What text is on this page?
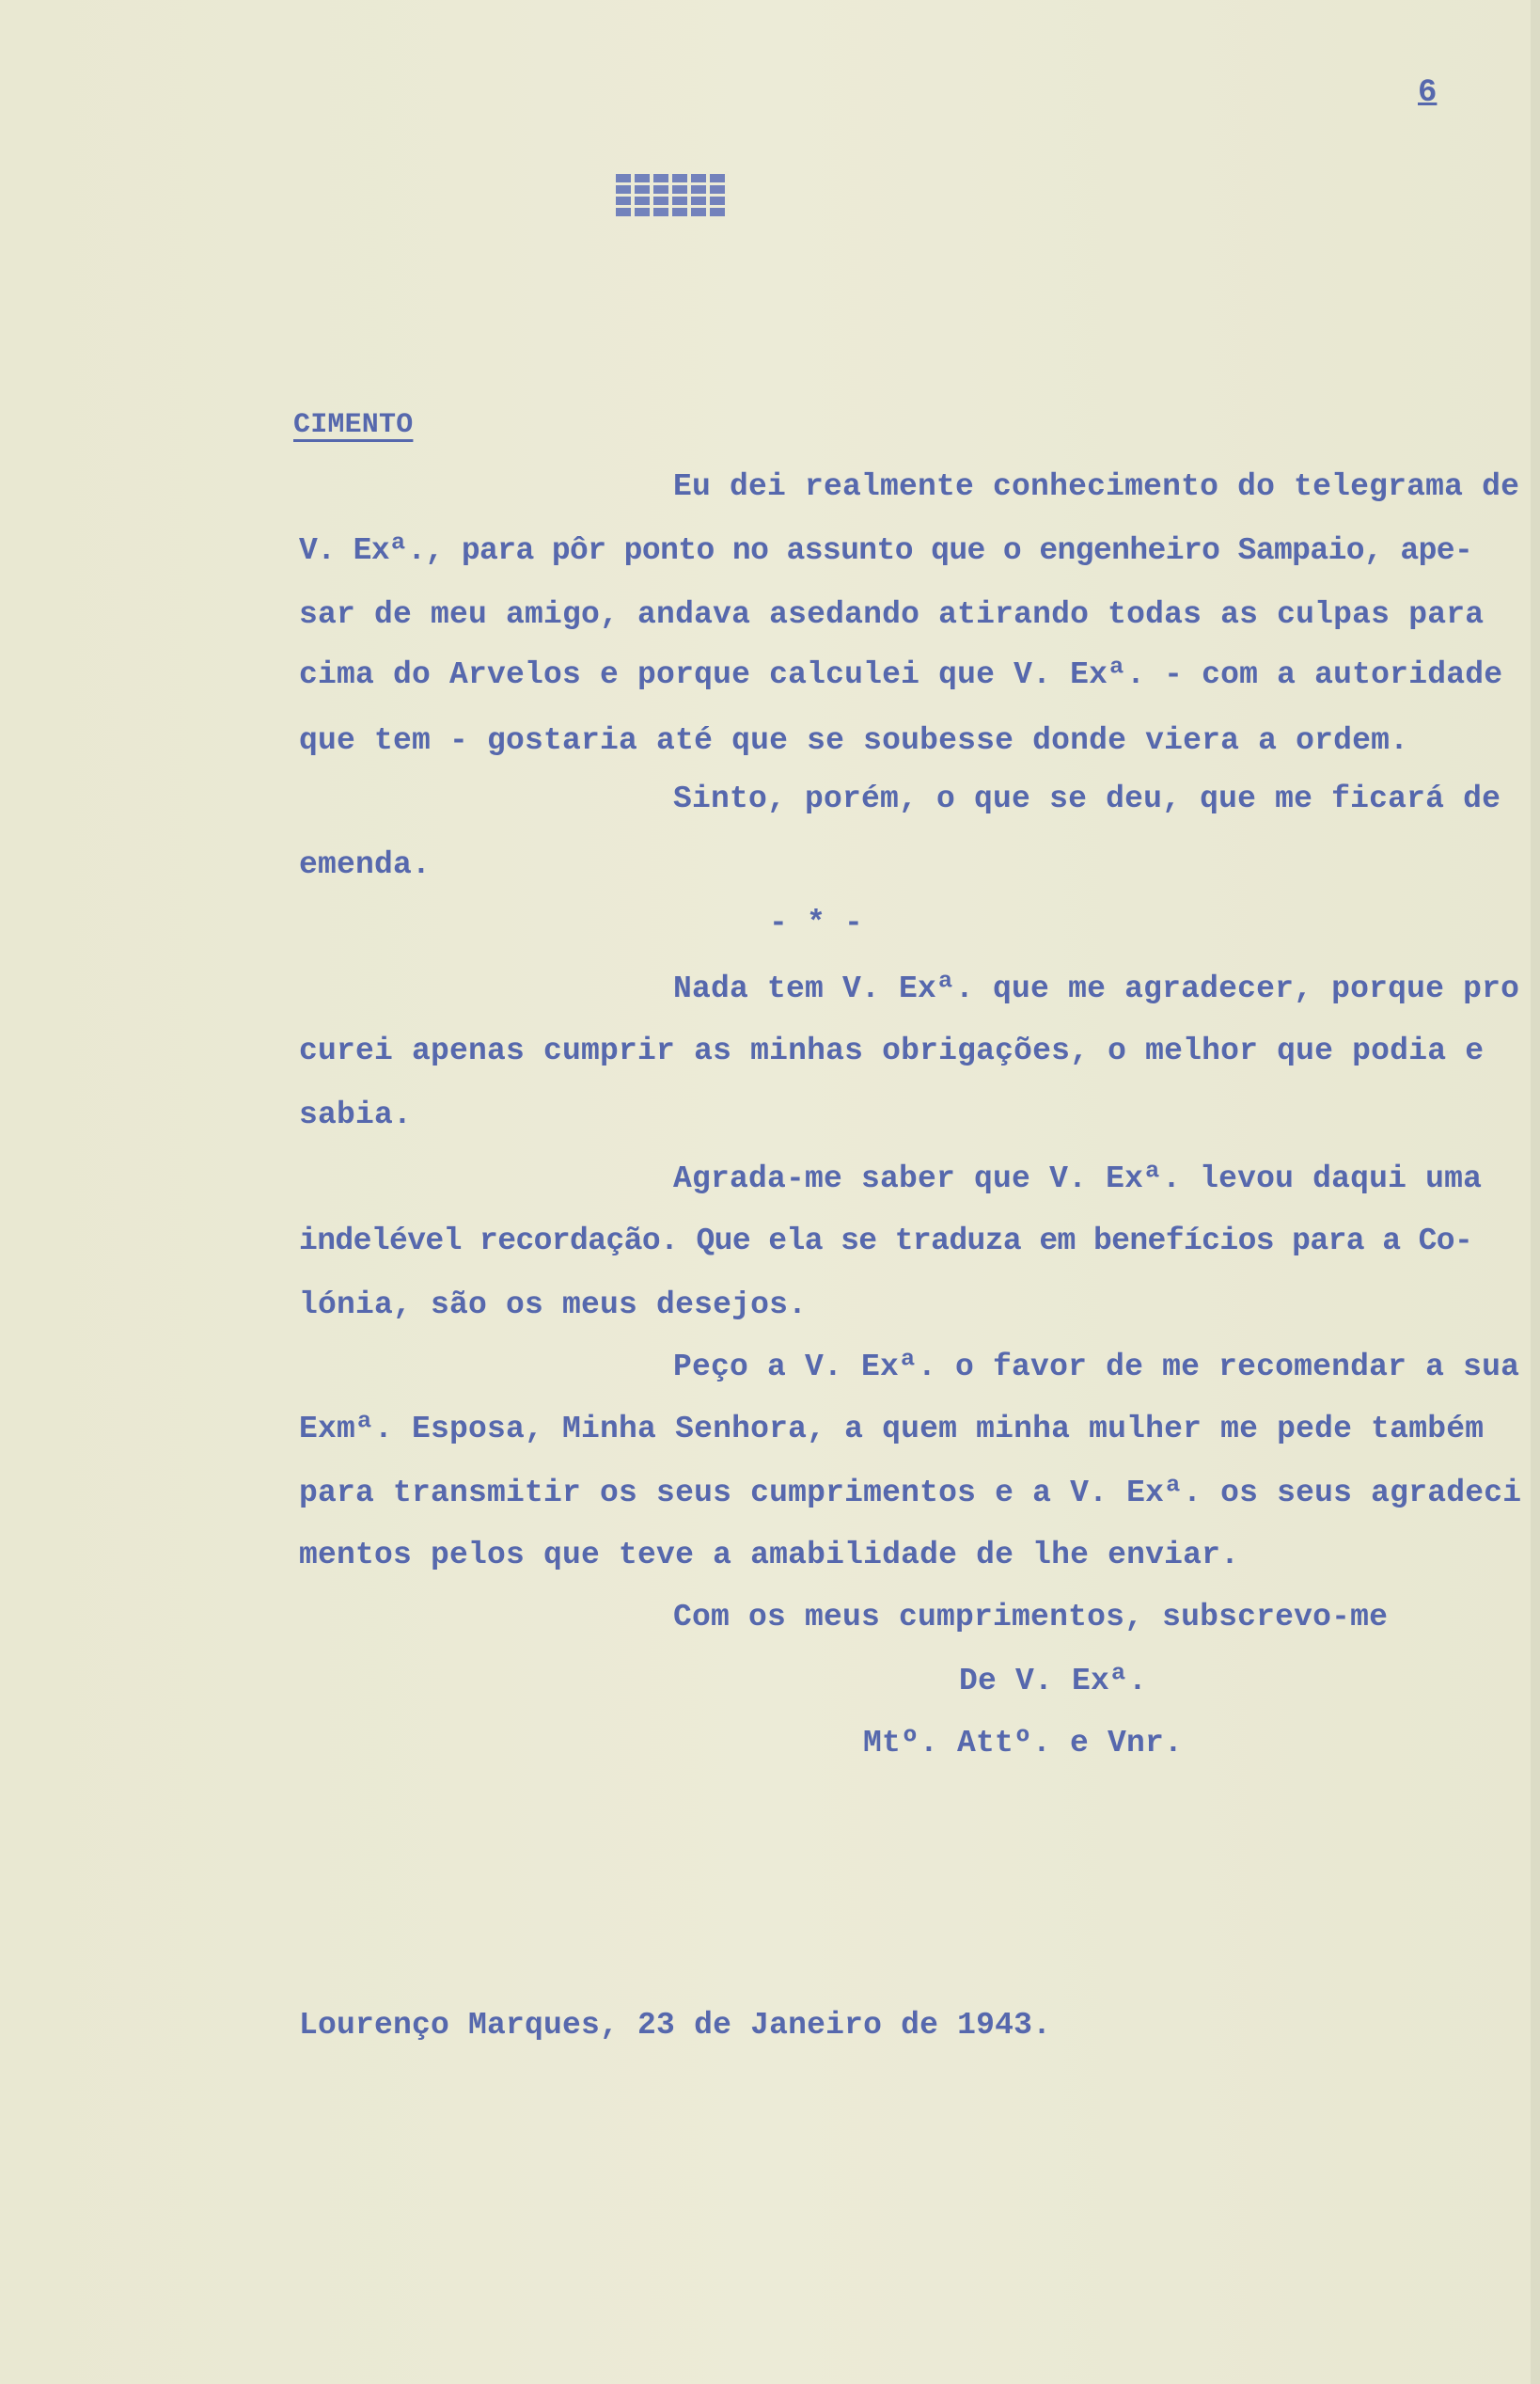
6
CIMENTO
Eu dei realmente conhecimento do telegrama de
V. Exª., para pôr ponto no assunto que o engenheiro Sampaio, ape-
sar de meu amigo, andava asedando atirando todas as culpas para
cima do Arvelos e porque calculei que V. Exª. - com a autoridade
que tem - gostaria até que se soubesse donde viera a ordem.
Sinto, porém, o que se deu, que me ficará de
emenda.
- * -
Nada tem V. Exª. que me agradecer, porque pro
curei apenas cumprir as minhas obrigações, o melhor que podia e
sabia.
Agrada-me saber que V. Exª. levou daqui uma
indelével recordação. Que ela se traduza em benefícios para a Co-
lónia, são os meus desejos.
Peço a V. Exª. o favor de me recomendar a sua
Exmª. Esposa, Minha Senhora, a quem minha mulher me pede também
para transmitir os seus cumprimentos e a V. Exª. os seus agradeci
mentos pelos que teve a amabilidade de lhe enviar.
Com os meus cumprimentos, subscrevo-me
De V. Exª.
Mtº. Attº. e Vnr.
Lourenço Marques, 23 de Janeiro de 1943.
